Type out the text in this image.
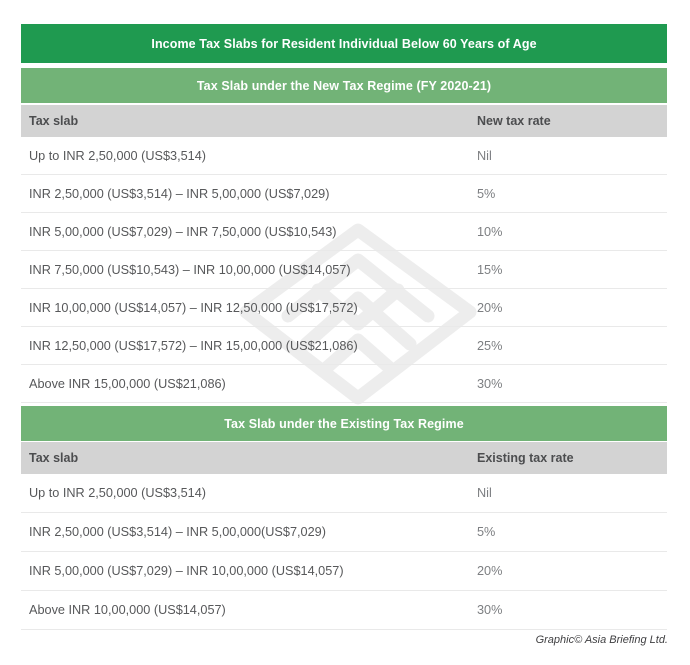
Income Tax Slabs for Resident Individual Below 60 Years of Age
Tax Slab under the New Tax Regime (FY 2020-21)
Tax slab	New tax rate
Up to INR 2,50,000 (US$3,514)	Nil
INR 2,50,000 (US$3,514) – INR 5,00,000 (US$7,029)	5%
INR 5,00,000 (US$7,029) – INR 7,50,000 (US$10,543)	10%
INR 7,50,000 (US$10,543) – INR 10,00,000 (US$14,057)	15%
INR 10,00,000 (US$14,057) – INR 12,50,000 (US$17,572)	20%
INR 12,50,000 (US$17,572) – INR 15,00,000 (US$21,086)	25%
Above INR 15,00,000 (US$21,086)	30%
Tax Slab under the Existing Tax Regime
Tax slab	Existing tax rate
Up to INR 2,50,000 (US$3,514)	Nil
INR 2,50,000 (US$3,514) – INR 5,00,000(US$7,029)	5%
INR 5,00,000 (US$7,029) – INR 10,00,000 (US$14,057)	20%
Above INR 10,00,000 (US$14,057)	30%
Graphic© Asia Briefing Ltd.
